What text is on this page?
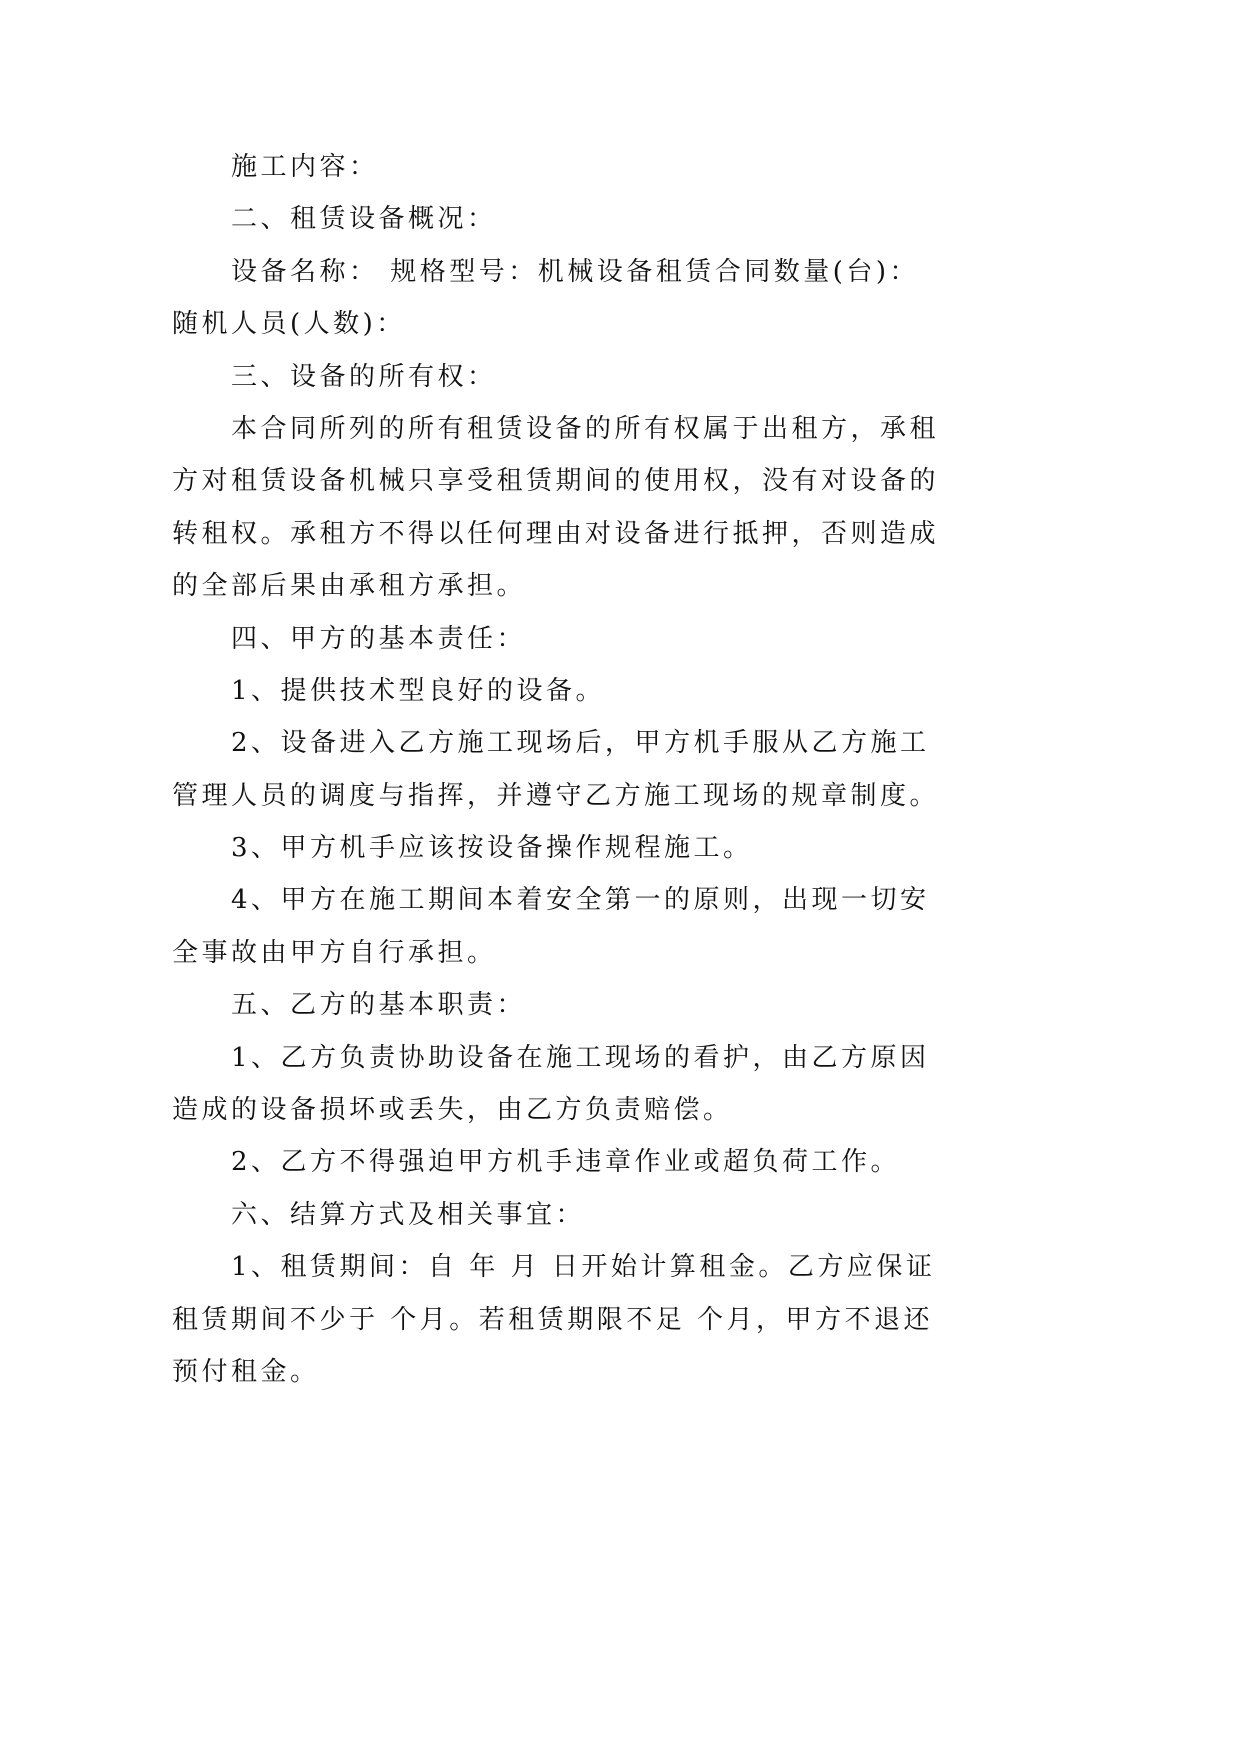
施工内容：
二、租赁设备概况：
设备名称： 规格型号：机械设备租赁合同数量(台)：
随机人员(人数)：
三、设备的所有权：
本合同所列的所有租赁设备的所有权属于出租方，承租
方对租赁设备机械只享受租赁期间的使用权，没有对设备的
转租权。承租方不得以任何理由对设备进行抵押，否则造成
的全部后果由承租方承担。
四、甲方的基本责任：
1、提供技术型良好的设备。
2、设备进入乙方施工现场后，甲方机手服从乙方施工
管理人员的调度与指挥，并遵守乙方施工现场的规章制度。
3、甲方机手应该按设备操作规程施工。
4、甲方在施工期间本着安全第一的原则，出现一切安
全事故由甲方自行承担。
五、乙方的基本职责：
1、乙方负责协助设备在施工现场的看护，由乙方原因
造成的设备损坏或丢失，由乙方负责赔偿。
2、乙方不得强迫甲方机手违章作业或超负荷工作。
六、结算方式及相关事宜：
1、租赁期间：自 年 月 日开始计算租金。乙方应保证
租赁期间不少于 个月。若租赁期限不足 个月，甲方不退还
预付租金。
